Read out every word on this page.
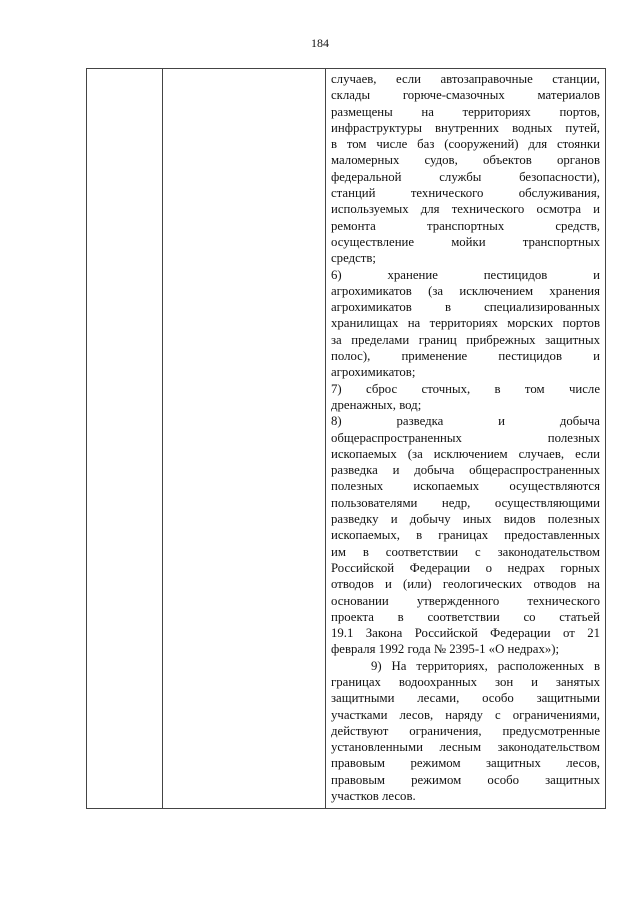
184

случаев, если автозаправочные станции,
склады горюче-смазочных материалов
размещены на территориях портов,
инфраструктуры внутренних водных путей,
в том числе баз (сооружений) для стоянки
маломерных судов, объектов органов
федеральной службы безопасности),
станций технического обслуживания,
используемых для технического осмотра и
ремонта транспортных средств,
осуществление мойки транспортных
средств;
6) хранение пестицидов и
агрохимикатов (за исключением хранения
агрохимикатов в специализированных
хранилищах на территориях морских портов
за пределами границ прибрежных защитных
полос), применение пестицидов и
агрохимикатов;
7) сброс сточных, в том числе
дренажных, вод;
8) разведка и добыча
общераспространенных полезных
ископаемых (за исключением случаев, если
разведка и добыча общераспространенных
полезных ископаемых осуществляются
пользователями недр, осуществляющими
разведку и добычу иных видов полезных
ископаемых, в границах предоставленных
им в соответствии с законодательством
Российской Федерации о недрах горных
отводов и (или) геологических отводов на
основании утвержденного технического
проекта в соответствии со статьей
19.1 Закона Российской Федерации от 21
февраля 1992 года № 2395-1 «О недрах»);
9) На территориях, расположенных в
границах водоохранных зон и занятых
защитными лесами, особо защитными
участками лесов, наряду с ограничениями,
действуют ограничения, предусмотренные
установленными лесным законодательством
правовым режимом защитных лесов,
правовым режимом особо защитных
участков лесов.
